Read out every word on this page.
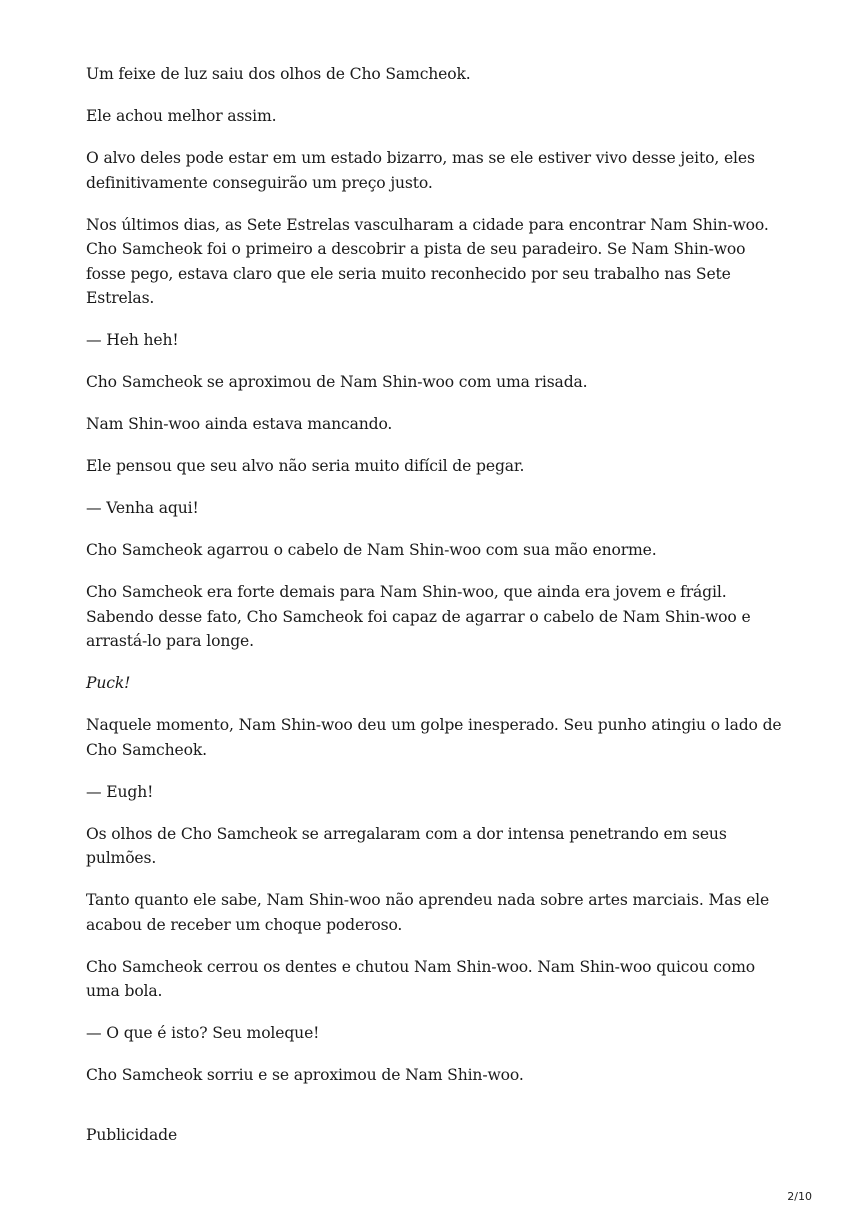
Um feixe de luz saiu dos olhos de Cho Samcheok.

Ele achou melhor assim.

O alvo deles pode estar em um estado bizarro, mas se ele estiver vivo desse jeito, eles definitivamente conseguirão um preço justo.

Nos últimos dias, as Sete Estrelas vasculharam a cidade para encontrar Nam Shin-woo. Cho Samcheok foi o primeiro a descobrir a pista de seu paradeiro. Se Nam Shin-woo fosse pego, estava claro que ele seria muito reconhecido por seu trabalho nas Sete Estrelas.

— Heh heh!

Cho Samcheok se aproximou de Nam Shin-woo com uma risada.

Nam Shin-woo ainda estava mancando.

Ele pensou que seu alvo não seria muito difícil de pegar.

— Venha aqui!

Cho Samcheok agarrou o cabelo de Nam Shin-woo com sua mão enorme.

Cho Samcheok era forte demais para Nam Shin-woo, que ainda era jovem e frágil. Sabendo desse fato, Cho Samcheok foi capaz de agarrar o cabelo de Nam Shin-woo e arrastá-lo para longe.

Puck!

Naquele momento, Nam Shin-woo deu um golpe inesperado. Seu punho atingiu o lado de Cho Samcheok.

— Eugh!

Os olhos de Cho Samcheok se arregalaram com a dor intensa penetrando em seus pulmões.

Tanto quanto ele sabe, Nam Shin-woo não aprendeu nada sobre artes marciais. Mas ele acabou de receber um choque poderoso.

Cho Samcheok cerrou os dentes e chutou Nam Shin-woo. Nam Shin-woo quicou como uma bola.

— O que é isto? Seu moleque!

Cho Samcheok sorriu e se aproximou de Nam Shin-woo.

Publicidade

2/10
